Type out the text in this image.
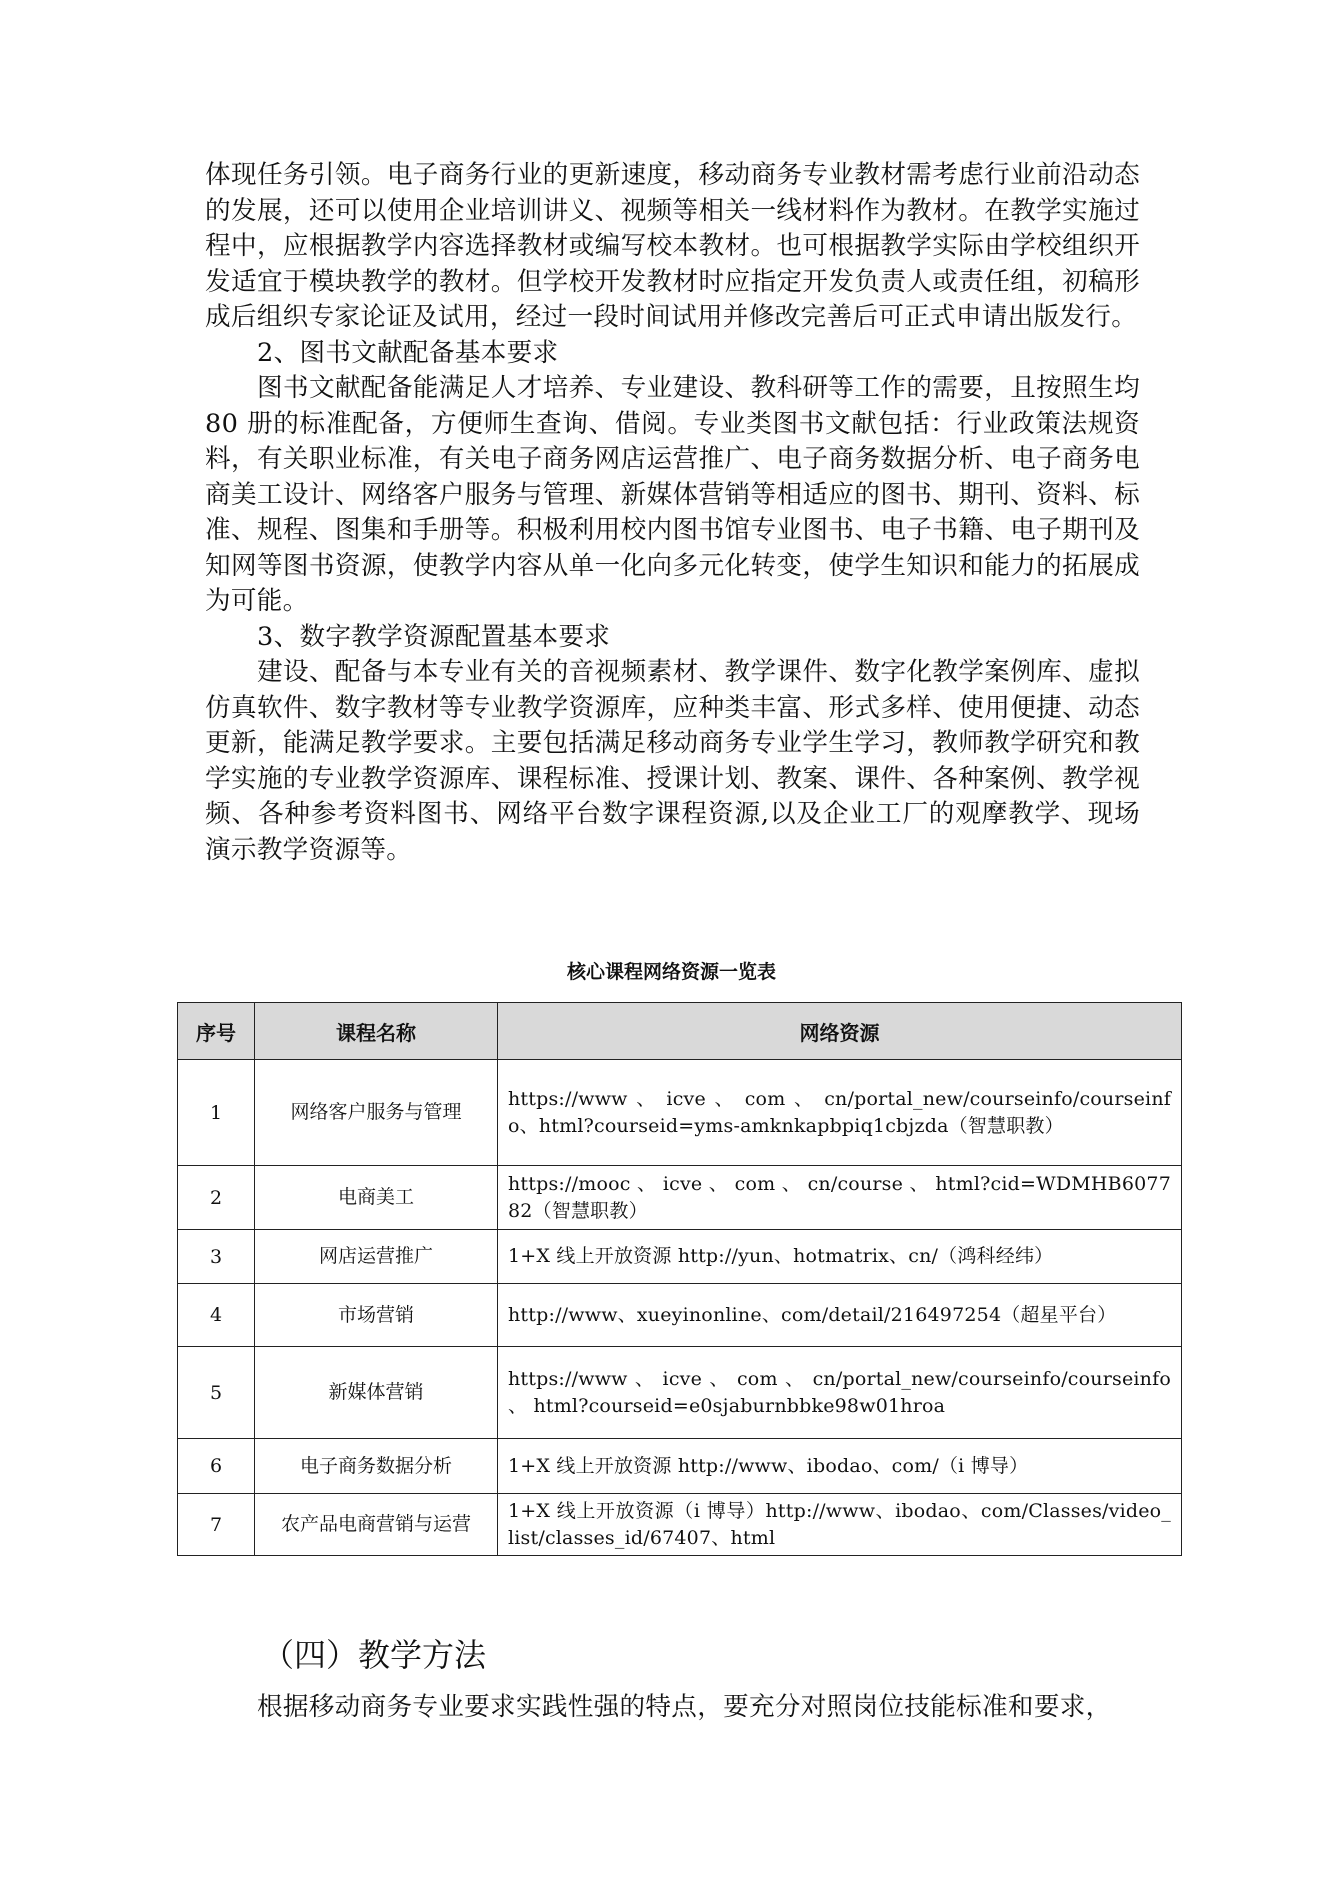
体现任务引领。电子商务行业的更新速度，移动商务专业教材需考虑行业前沿动态的发展，还可以使用企业培训讲义、视频等相关一线材料作为教材。在教学实施过程中，应根据教学内容选择教材或编写校本教材。也可根据教学实际由学校组织开发适宜于模块教学的教材。但学校开发教材时应指定开发负责人或责任组，初稿形成后组织专家论证及试用，经过一段时间试用并修改完善后可正式申请出版发行。

2、图书文献配备基本要求

图书文献配备能满足人才培养、专业建设、教科研等工作的需要，且按照生均 80 册的标准配备，方便师生查询、借阅。专业类图书文献包括：行业政策法规资料，有关职业标准，有关电子商务网店运营推广、电子商务数据分析、电子商务电商美工设计、网络客户服务与管理、新媒体营销等相适应的图书、期刊、资料、标准、规程、图集和手册等。积极利用校内图书馆专业图书、电子书籍、电子期刊及知网等图书资源，使教学内容从单一化向多元化转变，使学生知识和能力的拓展成为可能。

3、数字教学资源配置基本要求

建设、配备与本专业有关的音视频素材、教学课件、数字化教学案例库、虚拟仿真软件、数字教材等专业教学资源库，应种类丰富、形式多样、使用便捷、动态更新，能满足教学要求。主要包括满足移动商务专业学生学习，教师教学研究和教学实施的专业教学资源库、课程标准、授课计划、教案、课件、各种案例、教学视频、各种参考资料图书、网络平台数字课程资源,以及企业工厂的观摩教学、现场演示教学资源等。

核心课程网络资源一览表
序号	课程名称	网络资源
1	网络客户服务与管理	https://www 、 icve 、 com 、 cn/portal_new/courseinfo/courseinfo、html?courseid=yms-amknkapbpiq1cbjzda（智慧职教）
2	电商美工	https://mooc 、 icve 、 com 、 cn/course 、 html?cid=WDMHB607782（智慧职教）
3	网店运营推广	1+X 线上开放资源 http://yun、hotmatrix、cn/（鸿科经纬）
4	市场营销	http://www、xueyinonline、com/detail/216497254（超星平台）
5	新媒体营销	https://www 、 icve 、 com 、 cn/portal_new/courseinfo/courseinfo 、 html?courseid=e0sjaburnbbke98w01hroa
6	电子商务数据分析	1+X 线上开放资源 http://www、ibodao、com/（i 博导）
7	农产品电商营销与运营	1+X 线上开放资源（i 博导）http://www、ibodao、com/Classes/video_list/classes_id/67407、html
（四）教学方法
根据移动商务专业要求实践性强的特点，要充分对照岗位技能标准和要求，
